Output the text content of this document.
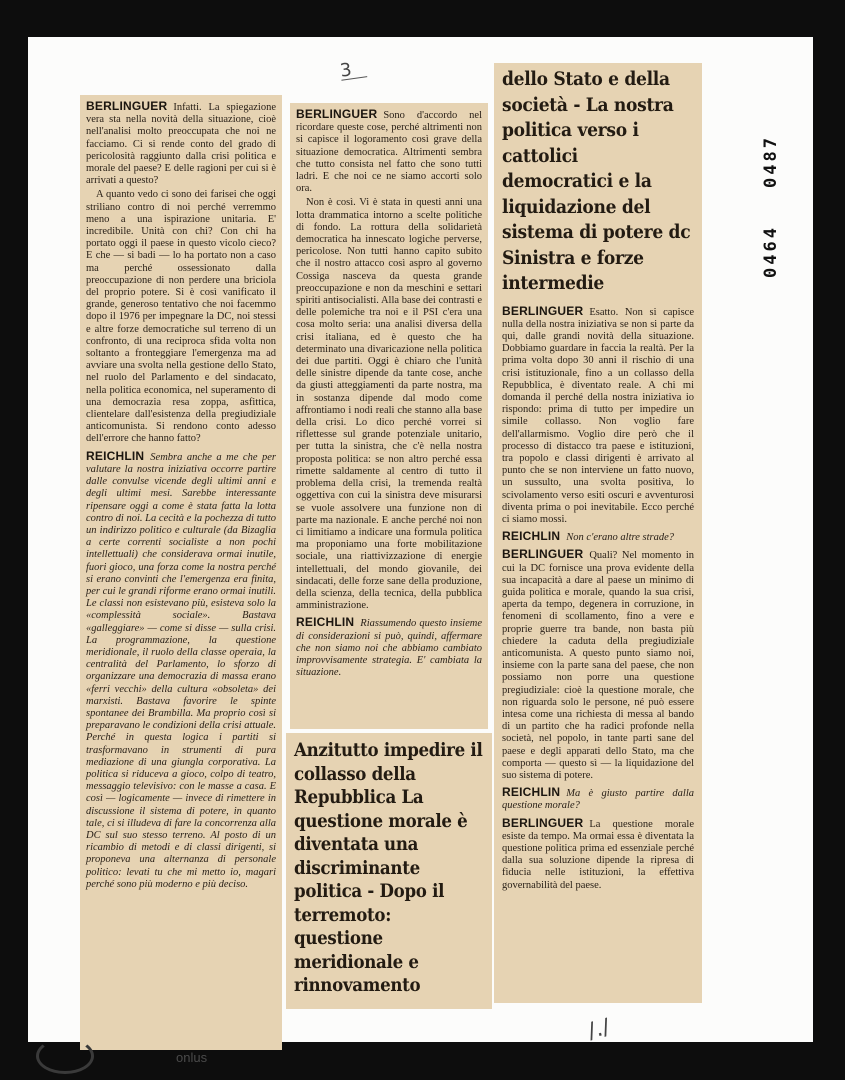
3
0487
0464
/./

BERLINGUER Infatti. La spiegazione vera sta nella novità della situazione, cioè nell'analisi molto preoccupata che noi ne facciamo. Ci si rende conto del grado di pericolosità raggiunto dalla crisi politica e morale del paese? E delle ragioni per cui si è arrivati a questo?

A quanto vedo ci sono dei farisei che oggi striliano contro di noi perché verremmo meno a una ispirazione unitaria. E' incredibile. Unità con chi? Con chi ha portato oggi il paese in questo vicolo cieco? E che — si badi — lo ha portato non a caso ma perché ossessionato dalla preoccupazione di non perdere una briciola del proprio potere. Si è così vanificato il grande, generoso tentativo che noi facemmo dopo il 1976 per impegnare la DC, noi stessi e altre forze democratiche sul terreno di un confronto, di una reciproca sfida volta non soltanto a fronteggiare l'emergenza ma ad avviare una svolta nella gestione dello Stato, nel ruolo del Parlamento e del sindacato, nella politica economica, nel superamento di una democrazia resa zoppa, asfittica, clientelare dall'esistenza della pregiudiziale anticomunista. Si rendono conto adesso dell'errore che hanno fatto?

REICHLIN Sembra anche a me che per valutare la nostra iniziativa occorre partire dalle convulse vicende degli ultimi anni e degli ultimi mesi. Sarebbe interessante ripensare oggi a come è stata fatta la lotta contro di noi. La cecità e la pochezza di tutto un indirizzo politico e culturale (da Bizaglia a certe correnti socialiste a non pochi intellettuali) che considerava ormai inutile, fuori gioco, una forza come la nostra perché si erano convinti che l'emergenza era finita, per cui le grandi riforme erano ormai inutili. Le classi non esistevano più, esisteva solo la «complessità sociale». Bastava «galleggiare» — come si disse — sulla crisi. La programmazione, la questione meridionale, il ruolo della classe operaia, la centralità del Parlamento, lo sforzo di organizzare una democrazia di massa erano «ferri vecchi» della cultura «obsoleta» dei marxisti. Bastava favorire le spinte spontanee dei Brambilla. Ma proprio così si preparavano le condizioni della crisi attuale. Perché in questa logica i partiti si trasformavano in strumenti di pura mediazione di una giungla corporativa. La politica si riduceva a gioco, colpo di teatro, messaggio televisivo: con le masse a casa. E così — logicamente — invece di rimettere in discussione il sistema di potere, in quanto tale, ci si illudeva di fare la concorrenza alla DC sul suo stesso terreno. Al posto di un ricambio di metodi e di classi dirigenti, si proponeva una alternanza di personale politico: levati tu che mi metto io, magari perché sono più moderno e più deciso.

BERLINGUER Sono d'accordo nel ricordare queste cose, perché altrimenti non si capisce il logoramento così grave della situazione democratica. Altrimenti sembra che tutto consista nel fatto che sono tutti ladri. E che noi ce ne siamo accorti solo ora.

Non è così. Vi è stata in questi anni una lotta drammatica intorno a scelte politiche di fondo. La rottura della solidarietà democratica ha innescato logiche perverse, pericolose. Non tutti hanno capito subito che il nostro attacco così aspro al governo Cossiga nasceva da questa grande preoccupazione e non da meschini e settari spiriti antisocialisti. Alla base dei contrasti e delle polemiche tra noi e il PSI c'era una cosa molto seria: una analisi diversa della crisi italiana, ed è questo che ha determinato una divaricazione nella politica dei due partiti. Oggi è chiaro che l'unità delle sinistre dipende da tante cose, anche da giusti atteggiamenti da parte nostra, ma in sostanza dipende dal modo come affrontiamo i nodi reali che stanno alla base della crisi. Lo dico perché vorrei si riflettesse sul grande potenziale unitario, per tutta la sinistra, che c'è nella nostra proposta politica: se non altro perché essa rimette saldamente al centro di tutto il problema della crisi, la tremenda realtà oggettiva con cui la sinistra deve misurarsi se vuole assolvere una funzione non di parte ma nazionale. E anche perché noi non ci limitiamo a indicare una formula politica ma proponiamo una forte mobilitazione sociale, una riattivizzazione di energie intellettuali, del mondo giovanile, dei sindacati, delle forze sane della produzione, della scienza, della tecnica, della pubblica amministrazione.

REICHLIN Riassumendo questo insieme di considerazioni si può, quindi, affermare che non siamo noi che abbiamo cambiato improvvisamente strategia. E' cambiata la situazione.

Anzitutto impedire il collasso della Repubblica La questione morale è diventata una discriminante politica - Dopo il terremoto: questione meridionale e rinnovamento
dello Stato e della società - La nostra politica verso i cattolici democratici e la liquidazione del sistema di potere dc Sinistra e forze intermedie

BERLINGUER Esatto. Non si capisce nulla della nostra iniziativa se non si parte da qui, dalle grandi novità della situazione. Dobbiamo guardare in faccia la realtà. Per la prima volta dopo 30 anni il rischio di una crisi istituzionale, fino a un collasso della Repubblica, è diventato reale. A chi mi domanda il perché della nostra iniziativa io rispondo: prima di tutto per impedire un simile collasso. Non voglio fare dell'allarmismo. Voglio dire però che il processo di distacco tra paese e istituzioni, tra popolo e classi dirigenti è arrivato al punto che se non interviene un fatto nuovo, un sussulto, una svolta positiva, lo scivolamento verso esiti oscuri e avventurosi diventa prima o poi inevitabile. Ecco perché ci siamo mossi.

REICHLIN Non c'erano altre strade?

BERLINGUER Quali? Nel momento in cui la DC fornisce una prova evidente della sua incapacità a dare al paese un minimo di guida politica e morale, quando la sua crisi, aperta da tempo, degenera in corruzione, in fenomeni di scollamento, fino a vere e proprie guerre tra bande, non basta più chiedere la caduta della pregiudiziale anticomunista. A questo punto siamo noi, insieme con la parte sana del paese, che non possiamo non porre una questione pregiudiziale: cioè la questione morale, che non riguarda solo le persone, né può essere intesa come una richiesta di messa al bando di un partito che ha radici profonde nella società, nel popolo, in tante parti sane del paese e degli apparati dello Stato, ma che comporta — questo sì — la liquidazione del suo sistema di potere.

REICHLIN Ma è giusto partire dalla questione morale?

BERLINGUER La questione morale esiste da tempo. Ma ormai essa è diventata la questione politica prima ed essenziale perché dalla sua soluzione dipende la ripresa di fiducia nelle istituzioni, la effettiva governabilità del paese.

onlus
